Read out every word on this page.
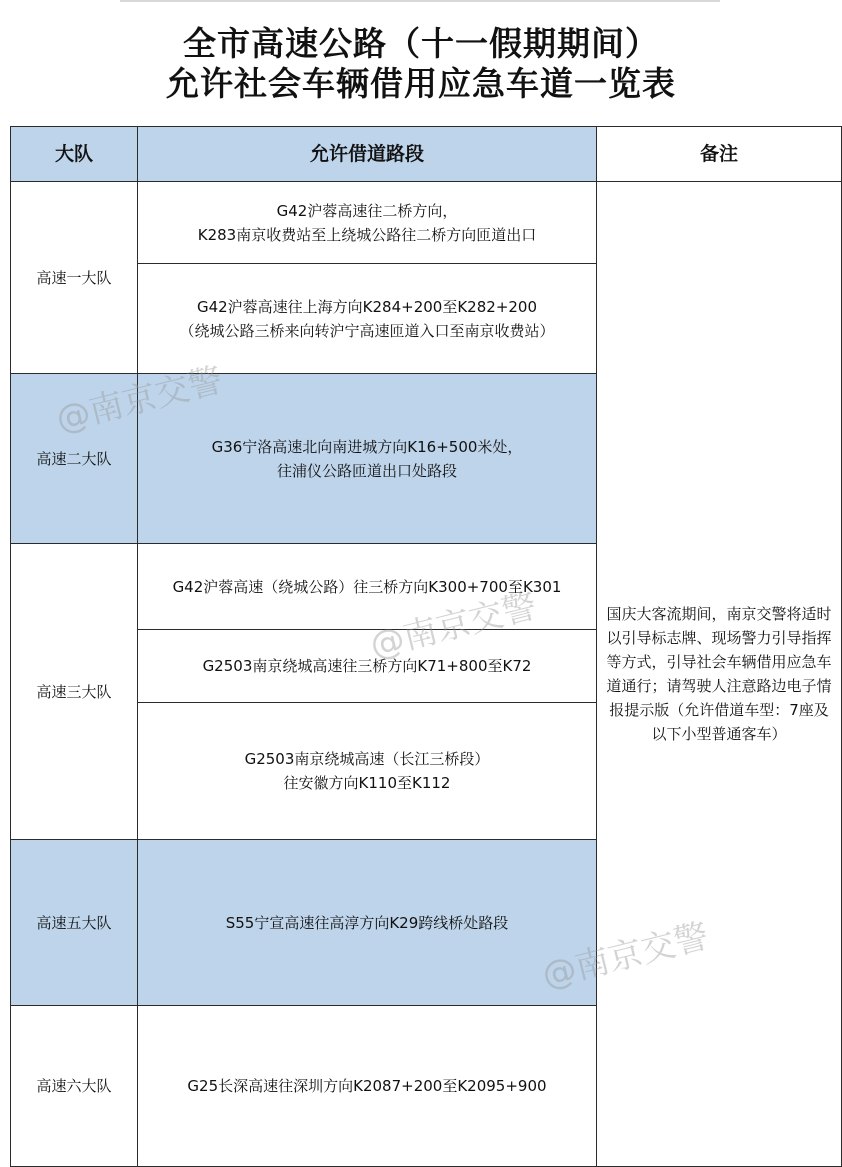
全市高速公路（十一假期期间）
允许社会车辆借用应急车道一览表
大队	允许借道路段	备注
高速一大队
高速二大队
高速三大队
高速五大队
高速六大队
G42沪蓉高速往二桥方向，
K283南京收费站至上绕城公路往二桥方向匝道出口
G42沪蓉高速往上海方向K284+200至K282+200
（绕城公路三桥来向转沪宁高速匝道入口至南京收费站）
G36宁洛高速北向南进城方向K16+500米处，
往浦仪公路匝道出口处路段
G42沪蓉高速（绕城公路）往三桥方向K300+700至K301
G2503南京绕城高速往三桥方向K71+800至K72
G2503南京绕城高速（长江三桥段）
往安徽方向K110至K112
S55宁宣高速往高淳方向K29跨线桥处路段
G25长深高速往深圳方向K2087+200至K2095+900
国庆大客流期间，南京交警将适时以引导标志牌、现场警力引导指挥等方式，引导社会车辆借用应急车道通行；请驾驶人注意路边电子情报提示版（允许借道车型：7座及以下小型普通客车）
@南京交警
@南京交警
@南京交警
